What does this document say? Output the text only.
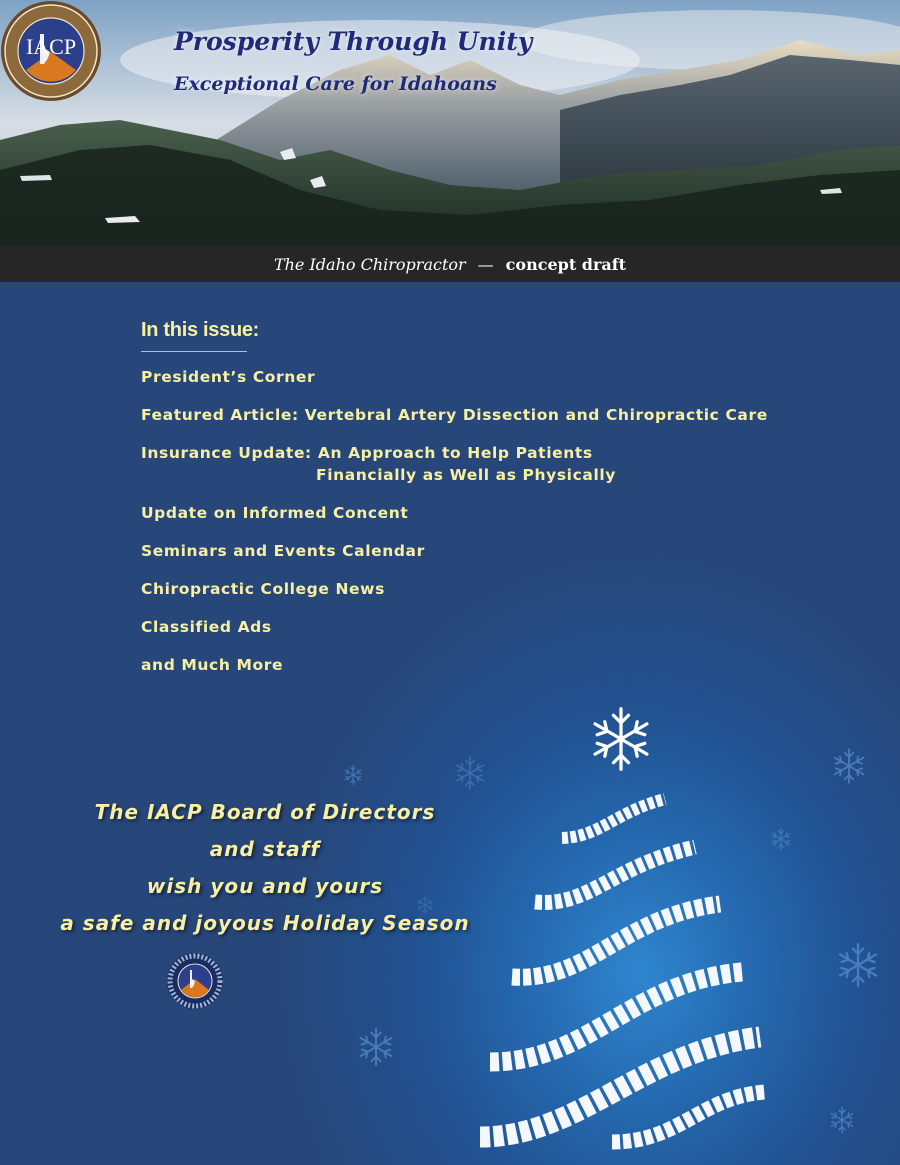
IACP	Prosperity Through Unity
Exceptional Care for Idahoans
The Idaho Chiropractor — concept draft
In this issue:
President’s Corner
Featured Article: Vertebral Artery Dissection and Chiropractic Care
Insurance Update: An Approach to Help Patients
Financially as Well as Physically
Update on Informed Concent
Seminars and Events Calendar
Chiropractic College News
Classified Ads
and Much More
The IACP Board of Directors
and staff
wish you and yours
a safe and joyous Holiday Season
